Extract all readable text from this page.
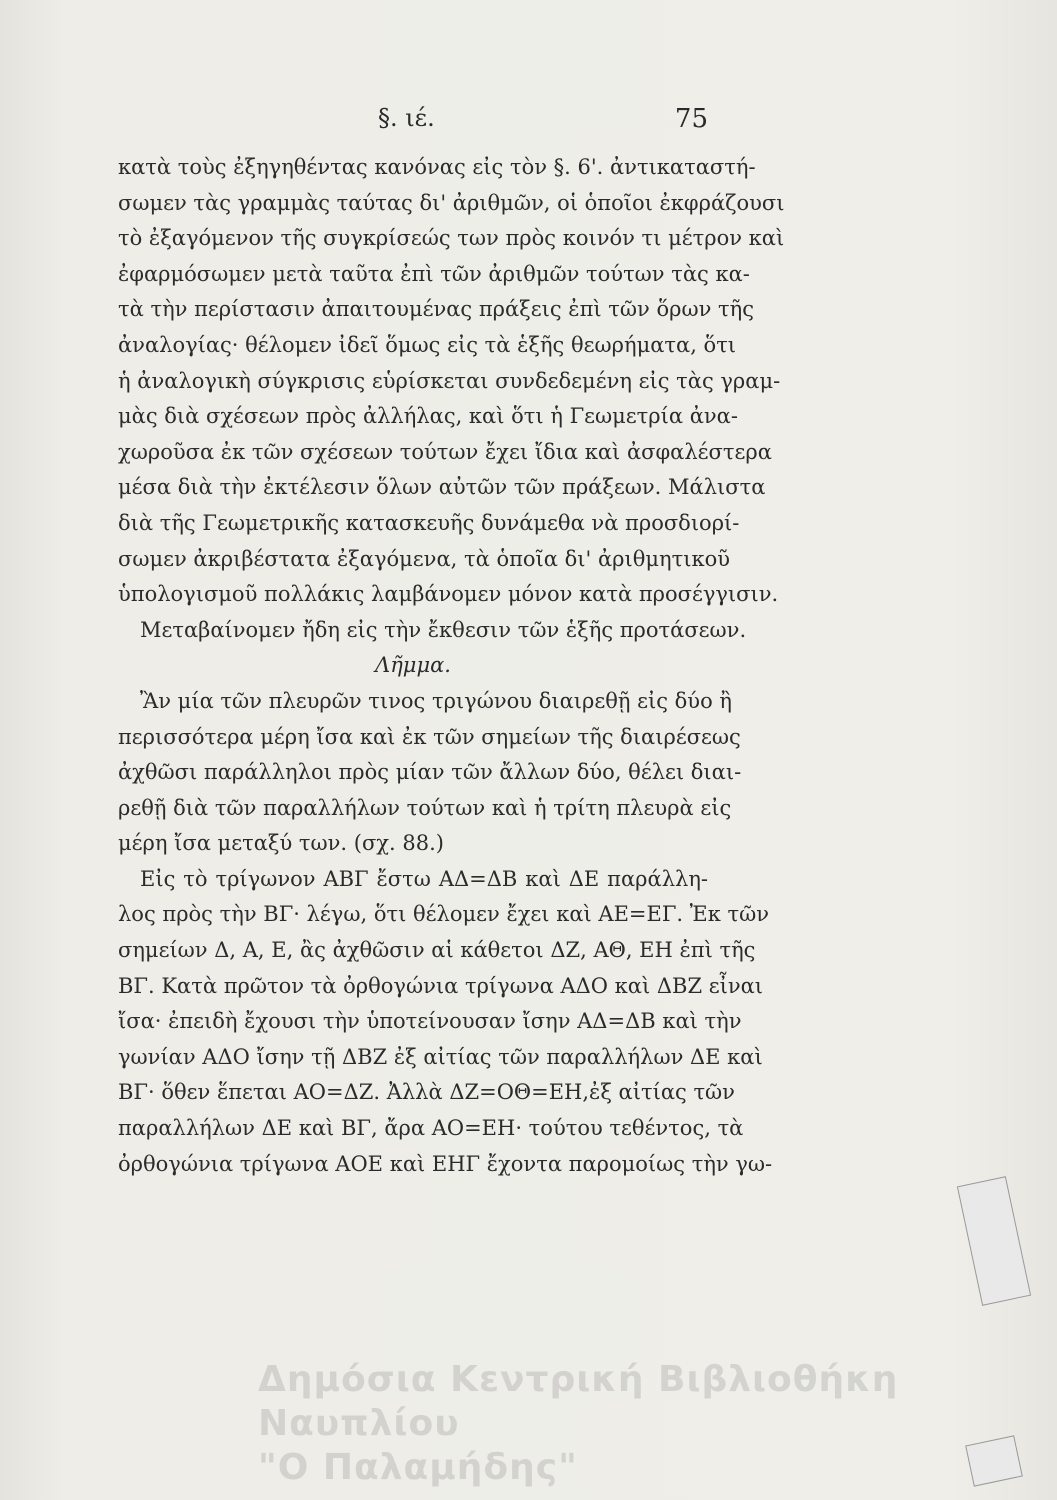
§. ιέ.	75
κατὰ τοὺς ἐξηγηθέντας κανόνας εἰς τὸν §. 6'. ἀντικαταστή-
σωμεν τὰς γραμμὰς ταύτας δι' ἀριθμῶν, οἱ ὁποῖοι ἐκφράζουσι
τὸ ἐξαγόμενον τῆς συγκρίσεώς των πρὸς κοινόν τι μέτρον καὶ
ἐφαρμόσωμεν μετὰ ταῦτα ἐπὶ τῶν ἀριθμῶν τούτων τὰς κα-
τὰ τὴν περίστασιν ἀπαιτουμένας πράξεις ἐπὶ τῶν ὅρων τῆς
ἀναλογίας· θέλομεν ἰδεῖ ὅμως εἰς τὰ ἑξῆς θεωρήματα, ὅτι
ἡ ἀναλογικὴ σύγκρισις εὑρίσκεται συνδεδεμένη εἰς τὰς γραμ-
μὰς διὰ σχέσεων πρὸς ἀλλήλας, καὶ ὅτι ἡ Γεωμετρία ἀνα-
χωροῦσα ἐκ τῶν σχέσεων τούτων ἔχει ἴδια καὶ ἀσφαλέστερα
μέσα διὰ τὴν ἐκτέλεσιν ὅλων αὐτῶν τῶν πράξεων. Μάλιστα
διὰ τῆς Γεωμετρικῆς κατασκευῆς δυνάμεθα νὰ προσδιορί-
σωμεν ἀκριβέστατα ἐξαγόμενα, τὰ ὁποῖα δι' ἀριθμητικοῦ
ὑπολογισμοῦ πολλάκις λαμβάνομεν μόνον κατὰ προσέγγισιν.
Μεταβαίνομεν ἤδη εἰς τὴν ἔκθεσιν τῶν ἑξῆς προτάσεων.
Λῆμμα.
Ἂν μία τῶν πλευρῶν τινος τριγώνου διαιρεθῇ εἰς δύο ἢ
περισσότερα μέρη ἴσα καὶ ἐκ τῶν σημείων τῆς διαιρέσεως
ἀχθῶσι παράλληλοι πρὸς μίαν τῶν ἄλλων δύο, θέλει διαι-
ρεθῇ διὰ τῶν παραλλήλων τούτων καὶ ἡ τρίτη πλευρὰ εἰς
μέρη ἴσα μεταξύ των. (σχ. 88.)
Εἰς τὸ τρίγωνον ΑΒΓ ἔστω ΑΔ=ΔΒ καὶ ΔΕ παράλλη-
λος πρὸς τὴν ΒΓ· λέγω, ὅτι θέλομεν ἔχει καὶ ΑΕ=ΕΓ. Ἐκ τῶν
σημείων Δ, Α, Ε, ἂς ἀχθῶσιν αἱ κάθετοι ΔΖ, ΑΘ, ΕΗ ἐπὶ τῆς
ΒΓ. Κατὰ πρῶτον τὰ ὀρθογώνια τρίγωνα ΑΔΟ καὶ ΔΒΖ εἶναι
ἴσα· ἐπειδὴ ἔχουσι τὴν ὑποτείνουσαν ἴσην ΑΔ=ΔΒ καὶ τὴν
γωνίαν ΑΔΟ ἴσην τῇ ΔΒΖ ἐξ αἰτίας τῶν παραλλήλων ΔΕ καὶ
ΒΓ· ὅθεν ἕπεται ΑΟ=ΔΖ. Ἀλλὰ ΔΖ=ΟΘ=ΕΗ,ἐξ αἰτίας τῶν
παραλλήλων ΔΕ καὶ ΒΓ, ἄρα ΑΟ=ΕΗ· τούτου τεθέντος, τὰ
ὀρθογώνια τρίγωνα ΑΟΕ καὶ ΕΗΓ ἔχοντα παρομοίως τὴν γω-
Δημόσια Κεντρική Βιβλιοθήκη Ναυπλίου
"Ο Παλαμήδης"
